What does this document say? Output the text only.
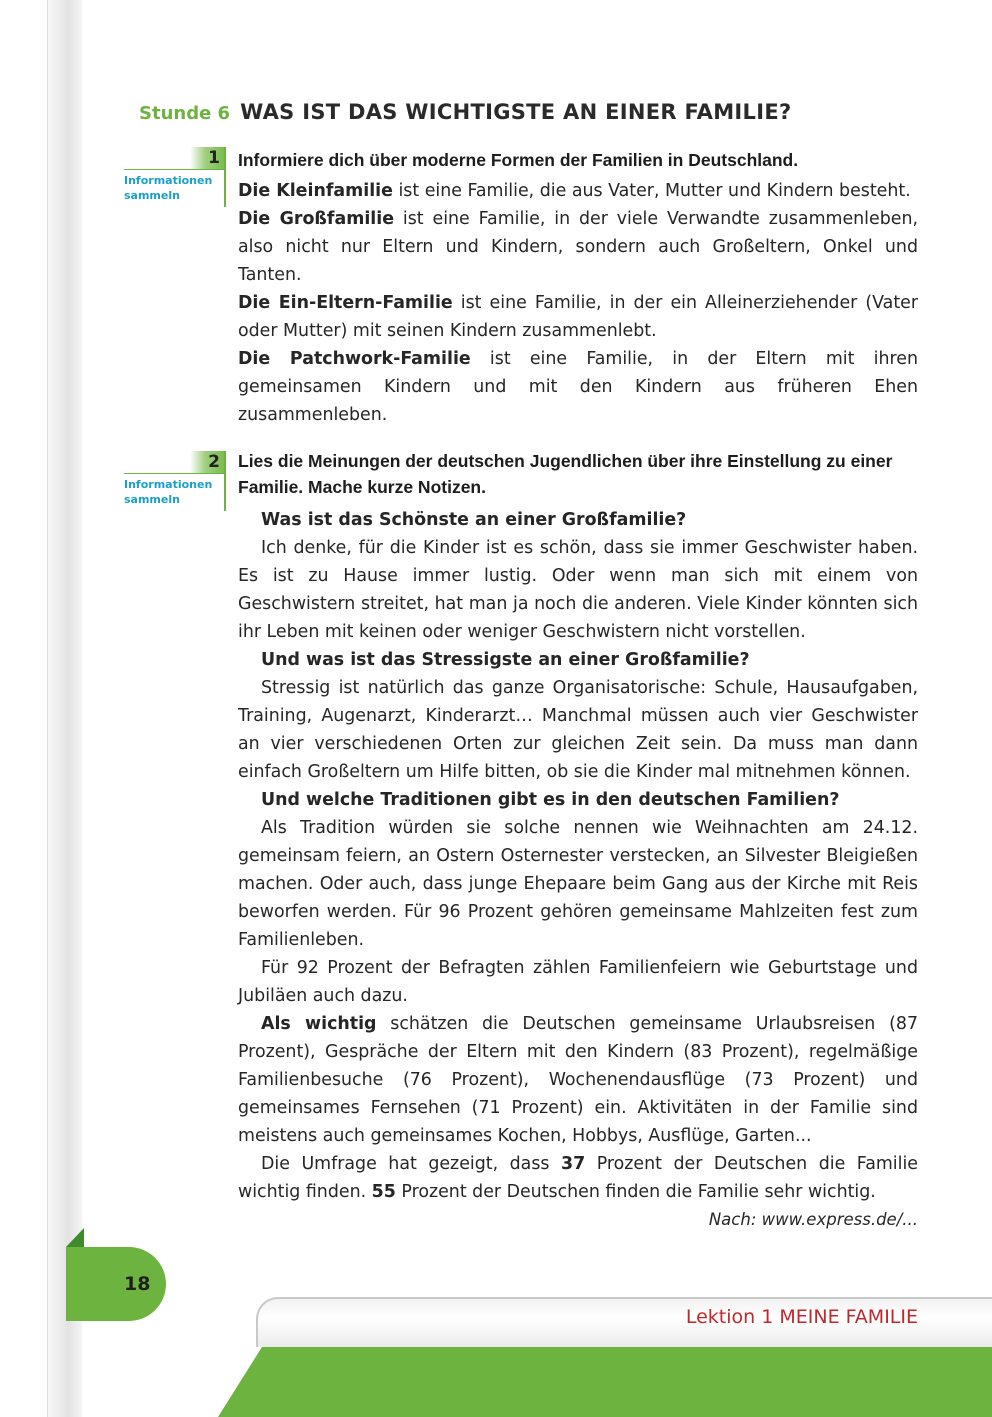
Stunde 6 WAS IST DAS WICHTIGSTE AN EINER FAMILIE?
1
Informationen sammeln
Informiere dich über moderne Formen der Familien in Deutschland.

Die Kleinfamilie ist eine Familie, die aus Vater, Mutter und Kindern besteht.

Die Großfamilie ist eine Familie, in der viele Verwandte zusammenleben, also nicht nur Eltern und Kindern, sondern auch Großeltern, Onkel und Tanten.

Die Ein-Eltern-Familie ist eine Familie, in der ein Alleinerziehender (Vater oder Mutter) mit seinen Kindern zusammenlebt.

Die Patchwork-Familie ist eine Familie, in der Eltern mit ihren gemeinsamen Kindern und mit den Kindern aus früheren Ehen zusammenleben.

2
Informationen sammeln
Lies die Meinungen der deutschen Jugendlichen über ihre Einstellung zu einer Familie. Mache kurze Notizen.

Was ist das Schönste an einer Großfamilie?

Ich denke, für die Kinder ist es schön, dass sie immer Geschwister haben. Es ist zu Hause immer lustig. Oder wenn man sich mit einem von Geschwistern streitet, hat man ja noch die anderen. Viele Kinder könnten sich ihr Leben mit keinen oder weniger Geschwistern nicht vorstellen.

Und was ist das Stressigste an einer Großfamilie?

Stressig ist natürlich das ganze Organisatorische: Schule, Hausaufgaben, Training, Augenarzt, Kinderarzt… Manchmal müssen auch vier Geschwister an vier verschiedenen Orten zur gleichen Zeit sein. Da muss man dann einfach Großeltern um Hilfe bitten, ob sie die Kinder mal mitnehmen können.

Und welche Traditionen gibt es in den deutschen Familien?

Als Tradition würden sie solche nennen wie Weihnachten am 24.12. gemeinsam feiern, an Ostern Osternester verstecken, an Silvester Bleigießen machen. Oder auch, dass junge Ehepaare beim Gang aus der Kirche mit Reis beworfen werden. Für 96 Prozent gehören gemeinsame Mahlzeiten fest zum Familienleben.

Für 92 Prozent der Befragten zählen Familienfeiern wie Geburtstage und Jubiläen auch dazu.

Als wichtig schätzen die Deutschen gemeinsame Urlaubsreisen (87 Prozent), Gespräche der Eltern mit den Kindern (83 Prozent), regelmäßige Familienbesuche (76 Prozent), Wochenendausflüge (73 Prozent) und gemeinsames Fernsehen (71 Prozent) ein. Aktivitäten in der Familie sind meistens auch gemeinsames Kochen, Hobbys, Ausflüge, Garten...

Die Umfrage hat gezeigt, dass 37 Prozent der Deutschen die Familie wichtig finden. 55 Prozent der Deutschen finden die Familie sehr wichtig.

Nach: www.express.de/...
18
Lektion 1 MEINE FAMILIE
